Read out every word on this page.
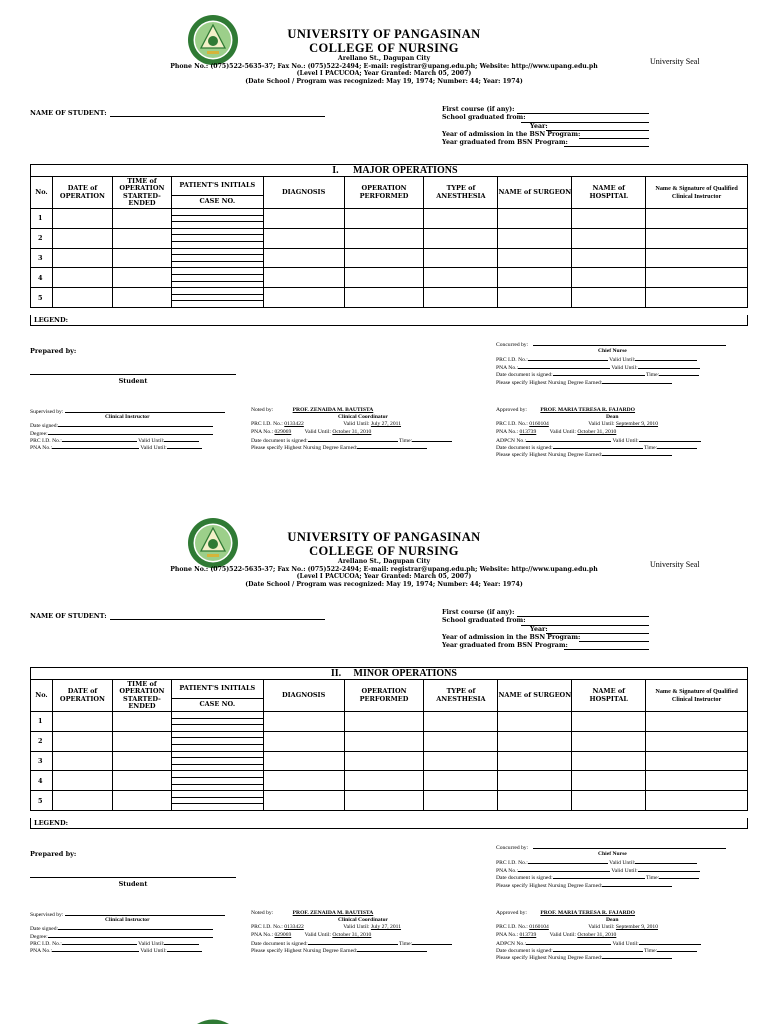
UNIVERSITY OF PANGASINAN
COLLEGE OF NURSING
Arellano St., Dagupan City
Phone No.: (075)522-5635-37; Fax No.: (075)522-2494; E-mail: registrar@upang.edu.ph; Website: http://www.upang.edu.ph
(Level I PACUCOA; Year Granted: March 05, 2007)
(Date School / Program was recognized: May 19, 1974; Number: 44; Year: 1974)
University Seal
NAME OF STUDENT:	First course (if any):
School graduated from:
Year:
Year of admission in the BSN Program:
Year graduated from BSN Program:
I. MAJOR OPERATIONS
No.	DATE of OPERATION	TIME of OPERATION STARTED-ENDED	PATIENT'S INITIALS	DIAGNOSIS	OPERATION PERFORMED	TYPE of ANESTHESIA	NAME of SURGEON	NAME of HOSPITAL	Name & Signature of Qualified Clinical Instructor
			CASE NO.						
1			

2			

3			

4			

5			

LEGEND:
Prepared by:
Student
Concurred by:
Chief Nurse
PRC I.D. No.:	Valid Until:
PNA No.:	Valid Until:
Date document is signed:	Time:
Please specify Highest Nursing Degree Earned:
Supervised by:
Clinical Instructor
Date signed:
Degree:
PRC I.D. No.:	Valid Until:
PNA No.:	Valid Until:
Noted by:	PROF. ZENAIDA M. BAUTISTA
Clinical Coordinator
PRC I.D. No.: 0133422	Valid Until: July 27, 2011
PNA No.: 029069 Valid Until: October 31, 2010
Date document is signed:	Time:
Please specify Highest Nursing Degree Earned:
Approved by: PROF. MARIA TERESA R. FAJARDO
Dean
PRC I.D. No.: 0160104	Valid Until: September 9, 2010
PNA No.: 013739 Valid Until: October 31, 2010
ADPCN No.:	Valid Until:
Date document is signed:	Time:
Please specify Highest Nursing Degree Earned:
UNIVERSITY OF PANGASINAN
COLLEGE OF NURSING
Arellano St., Dagupan City
Phone No.: (075)522-5635-37; Fax No.: (075)522-2494; E-mail: registrar@upang.edu.ph; Website: http://www.upang.edu.ph
(Level I PACUCOA; Year Granted: March 05, 2007)
(Date School / Program was recognized: May 19, 1974; Number: 44; Year: 1974)
University Seal
NAME OF STUDENT:	First course (if any):
School graduated from:
Year:
Year of admission in the BSN Program:
Year graduated from BSN Program:
II. MINOR OPERATIONS
No.	DATE of OPERATION	TIME of OPERATION STARTED-ENDED	PATIENT'S INITIALS	DIAGNOSIS	OPERATION PERFORMED	TYPE of ANESTHESIA	NAME of SURGEON	NAME of HOSPITAL	Name & Signature of Qualified Clinical Instructor
			CASE NO.						
1			

2			

3			

4			

5			

LEGEND:
Prepared by:
Student
Concurred by:
Chief Nurse
PRC I.D. No.:	Valid Until:
PNA No.:	Valid Until:
Date document is signed:	Time:
Please specify Highest Nursing Degree Earned:
Supervised by:
Clinical Instructor
Date signed:
Degree:
PRC I.D. No.:	Valid Until:
PNA No.:	Valid Until:
Noted by:	PROF. ZENAIDA M. BAUTISTA
Clinical Coordinator
PRC I.D. No.: 0133422	Valid Until: July 27, 2011
PNA No.: 029069 Valid Until: October 31, 2010
Date document is signed:	Time:
Please specify Highest Nursing Degree Earned:
Approved by: PROF. MARIA TERESA R. FAJARDO
Dean
PRC I.D. No.: 0160104	Valid Until: September 9, 2010
PNA No.: 013739 Valid Until: October 31, 2010
ADPCN No.:	Valid Until:
Date document is signed:	Time:
Please specify Highest Nursing Degree Earned:
